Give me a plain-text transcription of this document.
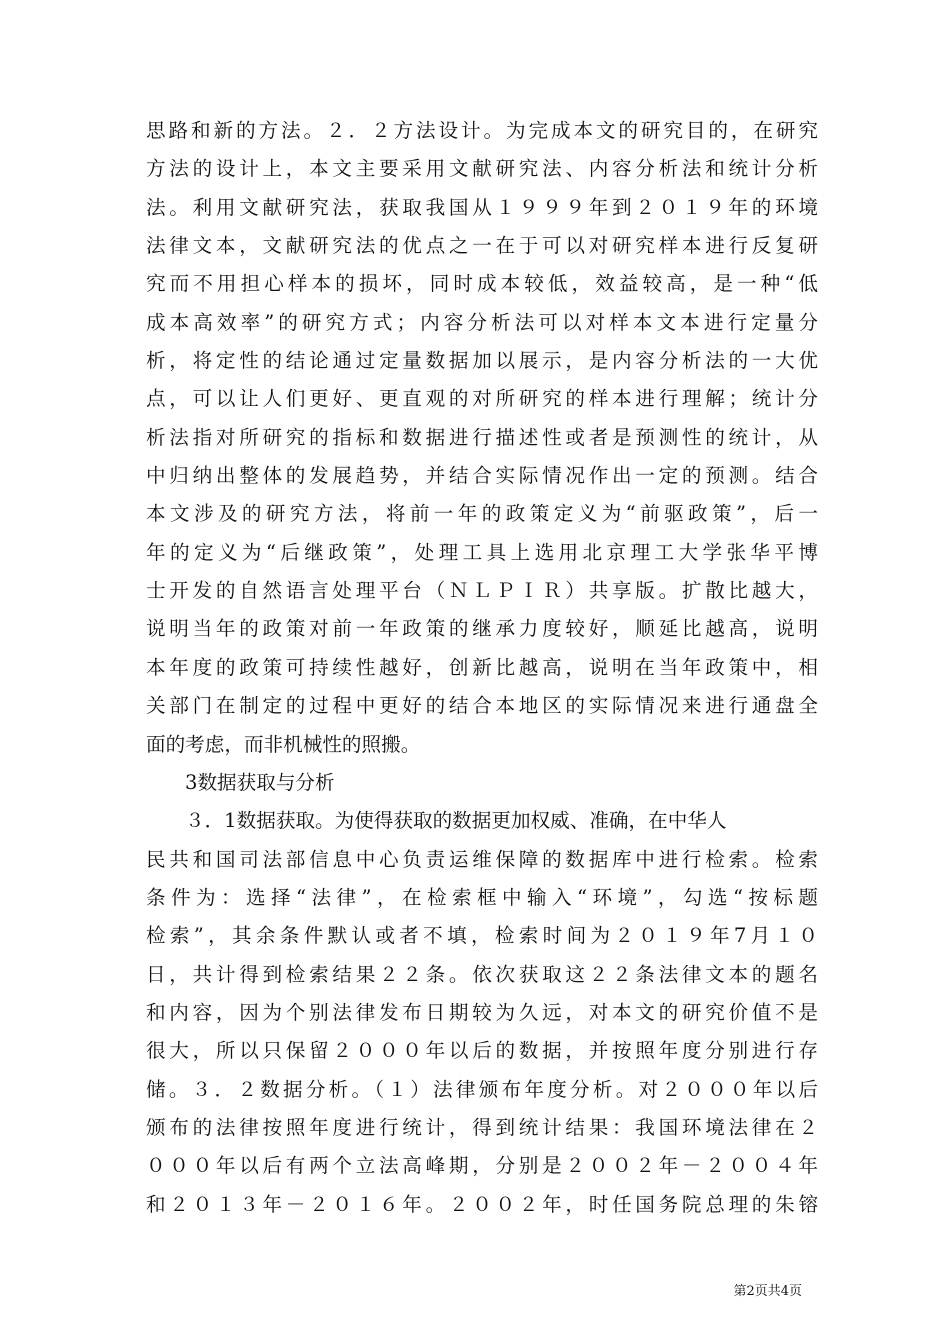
思路和新的方法。２．２方法设计。为完成本文的研究目的，在研究
方法的设计上，本文主要采用文献研究法、内容分析法和统计分析
法。利用文献研究法，获取我国从１９９９年到２０１９年的环境
法律文本，文献研究法的优点之一在于可以对研究样本进行反复研
究而不用担心样本的损坏，同时成本较低，效益较高，是一种“低
成本高效率”的研究方式；内容分析法可以对样本文本进行定量分
析，将定性的结论通过定量数据加以展示，是内容分析法的一大优
点，可以让人们更好、更直观的对所研究的样本进行理解；统计分
析法指对所研究的指标和数据进行描述性或者是预测性的统计，从
中归纳出整体的发展趋势，并结合实际情况作出一定的预测。结合
本文涉及的研究方法，将前一年的政策定义为“前驱政策”，后一
年的定义为“后继政策”，处理工具上选用北京理工大学张华平博
士开发的自然语言处理平台（ＮＬＰＩＲ）共享版。扩散比越大，
说明当年的政策对前一年政策的继承力度较好，顺延比越高，说明
本年度的政策可持续性越好，创新比越高，说明在当年政策中，相
关部门在制定的过程中更好的结合本地区的实际情况来进行通盘全
面的考虑，而非机械性的照搬。
3数据获取与分析
３．1数据获取。为使得获取的数据更加权威、准确，在中华人
民共和国司法部信息中心负责运维保障的数据库中进行检索。检索
条件为：选择“法律”，在检索框中输入“环境”，勾选“按标题
检索”，其余条件默认或者不填，检索时间为２０１９年7月１０
日，共计得到检索结果２２条。依次获取这２２条法律文本的题名
和内容，因为个别法律发布日期较为久远，对本文的研究价值不是
很大，所以只保留２０００年以后的数据，并按照年度分别进行存
储。３．２数据分析。（１）法律颁布年度分析。对２０００年以后
颁布的法律按照年度进行统计，得到统计结果：我国环境法律在２
０００年以后有两个立法高峰期，分别是２００２年－２００４年
和２０１３年－２０１６年。２００２年，时任国务院总理的朱镕
第2页共4页
